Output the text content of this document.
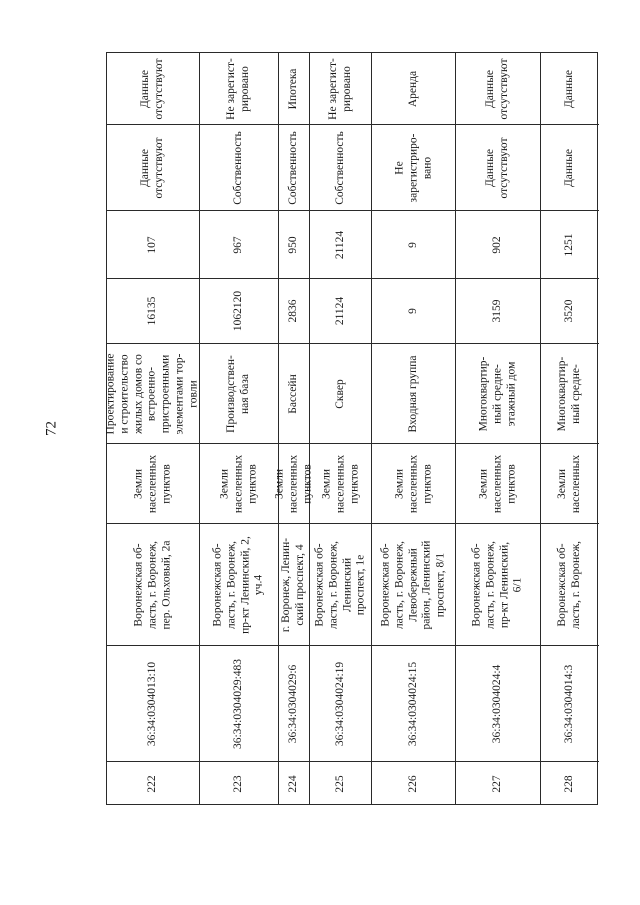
72
Данные
отсутствуют
Данные
отсутствуют
107
16135
Проектирование
и строительство
жилых домов со
встроенно-
пристроенными
элементами тор-
говли
Земли
населенных
пунктов
Воронежская об-
ласть, г. Воронеж,
пер. Ольховый, 2а
36:34:0304013:10
222
Не зарегист-
рировано
Собственность
967
1062120
Производствен-
ная база
Земли
населенных
пунктов
Воронежская об-
ласть, г. Воронеж,
пр-кт Ленинский, 2,
уч.4
36:34:0304029:483
223
Ипотека
Собственность
950
2836
Бассейн
Земли
населенных
пунктов
г. Воронеж, Ленин-
ский проспект, 4
36:34:0304029:6
224
Не зарегист-
рировано
Собственность
21124
21124
Сквер
Земли
населенных
пунктов
Воронежская об-
ласть, г. Воронеж,
Ленинский
проспект, 1е
36:34:0304024:19
225
Аренда
Не
зарегистриро-
вано
9
9
Входная группа
Земли
населенных
пунктов
Воронежская об-
ласть, г. Воронеж,
Левобережный
район, Ленинский
проспект, 8/1
36:34:0304024:15
226
Данные
отсутствуют
Данные
отсутствуют
902
3159
Многоквартир-
ный средне-
этажный дом
Земли
населенных
пунктов
Воронежская об-
ласть, г. Воронеж,
пр-кт Ленинский,
6/1
36:34:0304024:4
227
Данные
Данные
1251
3520
Многоквартир-
ный средне-
Земли
населенных
Воронежская об-
ласть, г. Воронеж,
36:34:0304014:3
228
